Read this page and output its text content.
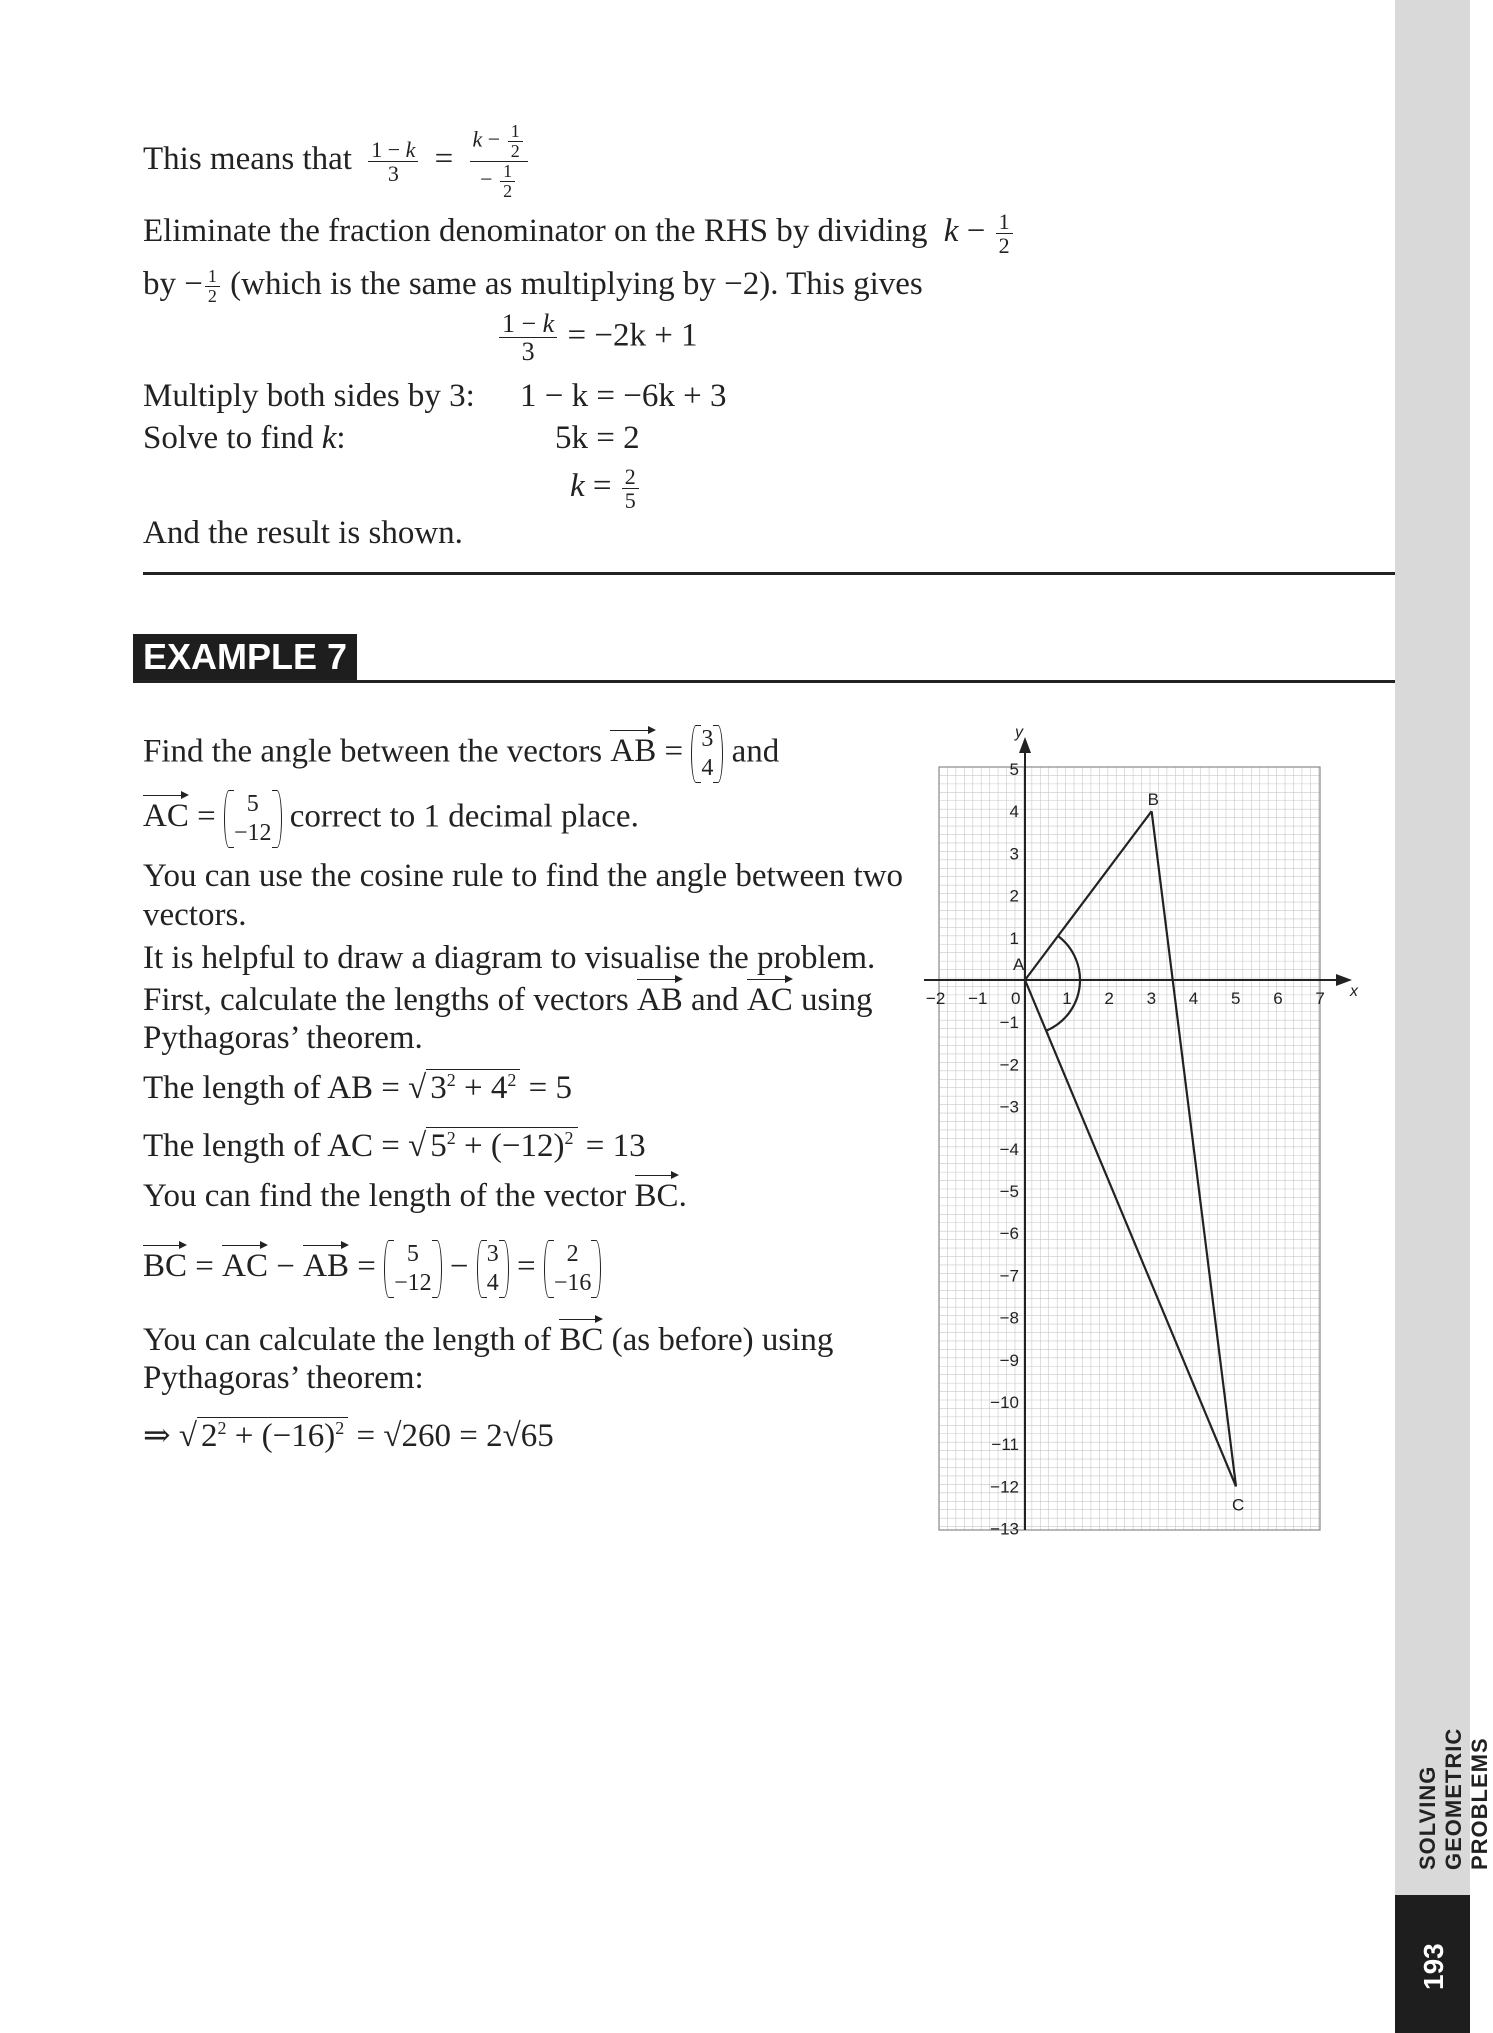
This means that $\frac{1 - k}{3} = \frac{k - \frac{1}{2}}{- \frac{1}{2}}$
Eliminate the fraction denominator on the RHS by dividing $k - \frac{1}{2}$
by − $\frac{1}{2}$ (which is the same as multiplying by −2). This gives
$\frac{1 - k}{3} = -2k + 1$
Multiply both sides by 3: 1 − k = −6k + 3
Solve to find k:	5k = 2
$k = \frac{2}{5}$
And the result is shown.
EXAMPLE 7
Find the angle between the vectors AB = 3
4 and
AC = 5
−12 correct to 1 decimal place.
You can use the cosine rule to find the angle between two
vectors.
It is helpful to draw a diagram to visualise the problem.
First, calculate the lengths of vectors AB and AC using
Pythagoras’ theorem.
The length of AB = √ $3^2 + 4^2 = 5$
The length of AC = √ $5^2 + (-12)^2 = 13$
You can find the length of the vector BC.
BC = AC − AB = 5
−12 − 3
4 = 2
−16
You can calculate the length of BC (as before) using
Pythagoras’ theorem:
⇒ √ $2^2 + (-16)^2 = √260 = 2√65$
x
y
−2 −1 0 1 2 3 4 5 6 7
5
4
3
2
1
−1
−2
−3
−4
−5
−6
−7
−8
−9
−10
−11
−12
−13
A
B
C
SOLVING GEOMETRIC PROBLEMS
193
